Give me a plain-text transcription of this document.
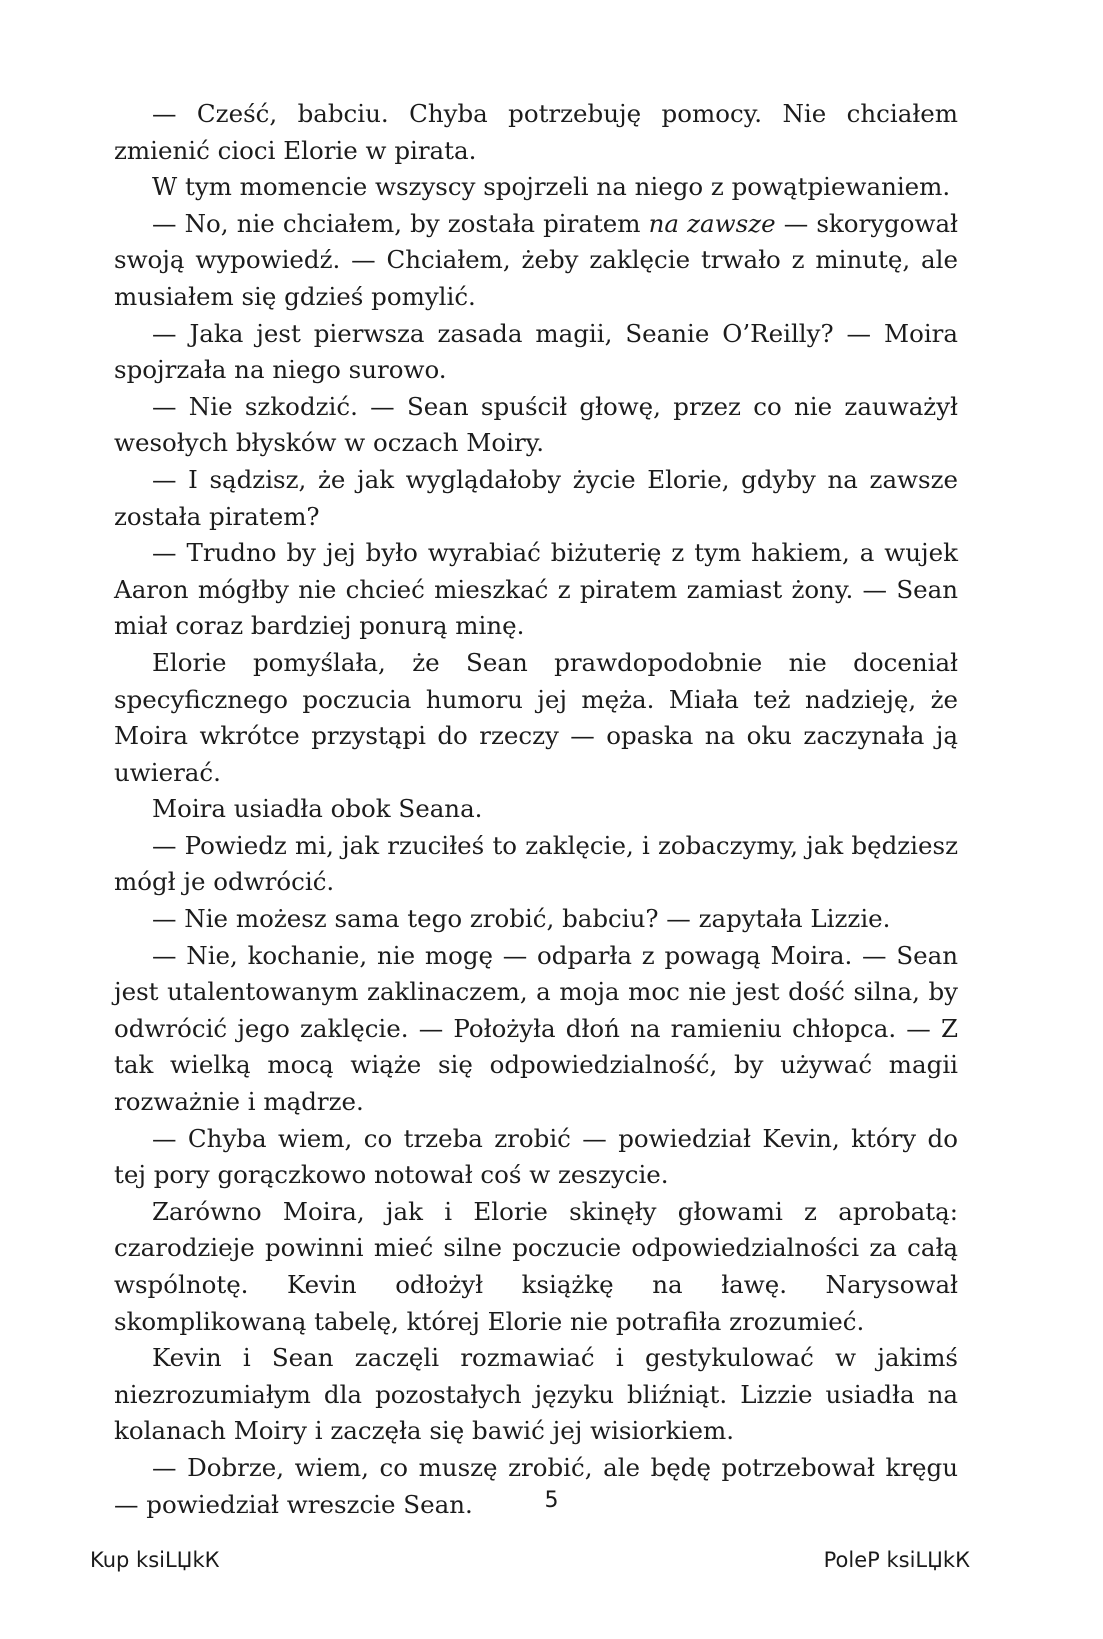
— Cześć, babciu. Chyba potrzebuję pomocy. Nie chciałem zmienić cioci Elorie w pirata.

W tym momencie wszyscy spojrzeli na niego z powątpiewaniem.

— No, nie chciałem, by została piratem na zawsze — skorygował swoją wypowiedź. — Chciałem, żeby zaklęcie trwało z minutę, ale musiałem się gdzieś pomylić.

— Jaka jest pierwsza zasada magii, Seanie O’Reilly? — Moira spojrzała na niego surowo.

— Nie szkodzić. — Sean spuścił głowę, przez co nie zauważył wesołych błysków w oczach Moiry.

— I sądzisz, że jak wyglądałoby życie Elorie, gdyby na zawsze została piratem?

— Trudno by jej było wyrabiać biżuterię z tym hakiem, a wujek Aaron mógłby nie chcieć mieszkać z piratem zamiast żony. — Sean miał coraz bardziej ponurą minę.

Elorie pomyślała, że Sean prawdopodobnie nie doceniał specyficznego poczucia humoru jej męża. Miała też nadzieję, że Moira wkrótce przystąpi do rzeczy — opaska na oku zaczynała ją uwierać.

Moira usiadła obok Seana.

— Powiedz mi, jak rzuciłeś to zaklęcie, i zobaczymy, jak będziesz mógł je odwrócić.

— Nie możesz sama tego zrobić, babciu? — zapytała Lizzie.

— Nie, kochanie, nie mogę — odparła z powagą Moira. — Sean jest utalentowanym zaklinaczem, a moja moc nie jest dość silna, by odwrócić jego zaklęcie. — Położyła dłoń na ramieniu chłopca. — Z tak wielką mocą wiąże się odpowiedzialność, by używać magii rozważnie i mądrze.

— Chyba wiem, co trzeba zrobić — powiedział Kevin, który do tej pory gorączkowo notował coś w zeszycie.

Zarówno Moira, jak i Elorie skinęły głowami z aprobatą: czarodzieje powinni mieć silne poczucie odpowiedzialności za całą wspólnotę. Kevin odłożył książkę na ławę. Narysował skomplikowaną tabelę, której Elorie nie potrafiła zrozumieć.

Kevin i Sean zaczęli rozmawiać i gestykulować w jakimś niezrozumiałym dla pozostałych języku bliźniąt. Lizzie usiadła na kolanach Moiry i zaczęła się bawić jej wisiorkiem.

— Dobrze, wiem, co muszę zrobić, ale będę potrzebował kręgu — powiedział wreszcie Sean.	5
Kup ksiLЏkК	PoleP ksiLЏkК
